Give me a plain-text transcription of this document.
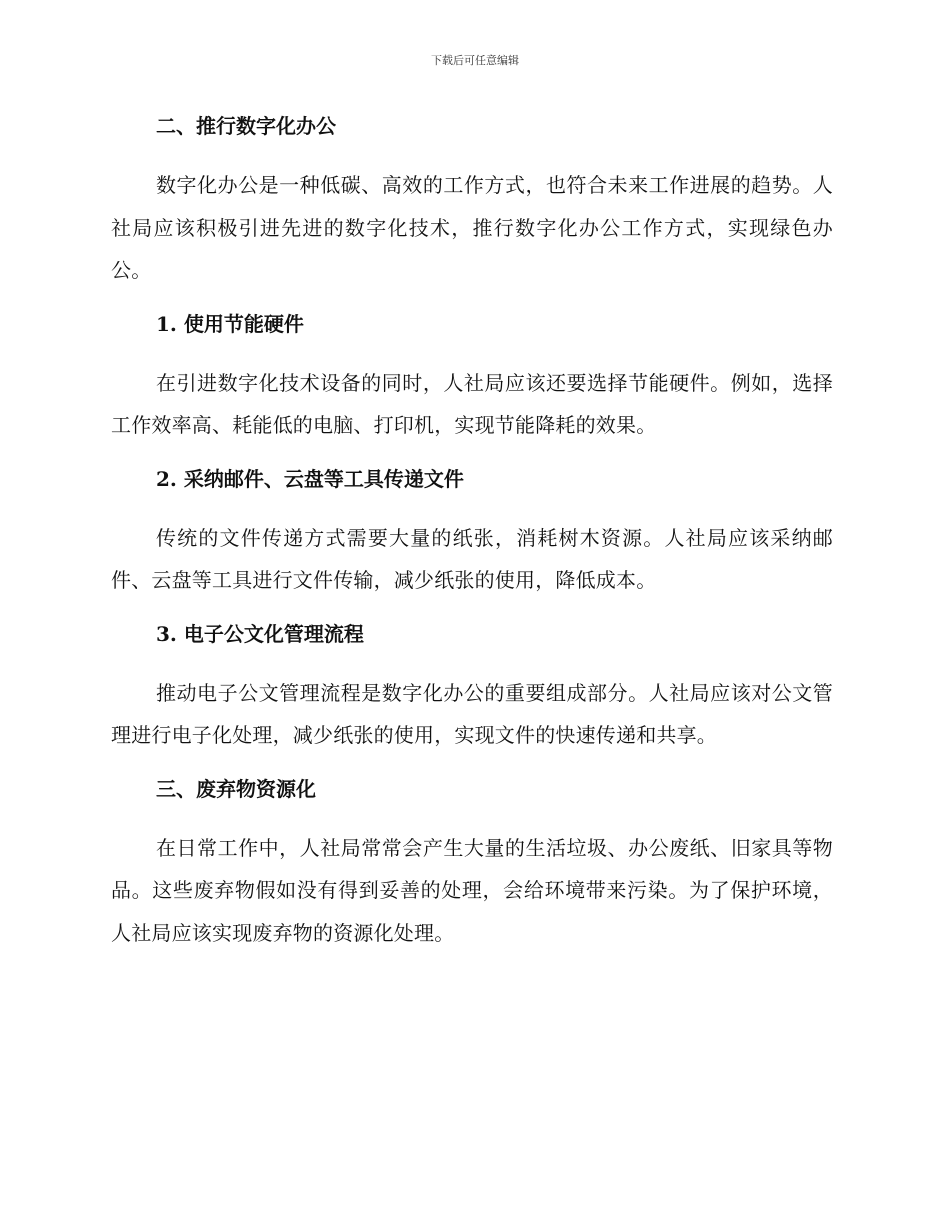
下载后可任意编辑
二、推行数字化办公

数字化办公是一种低碳、高效的工作方式，也符合未来工作进展的趋势。人社局应该积极引进先进的数字化技术，推行数字化办公工作方式，实现绿色办公。

1. 使用节能硬件

在引进数字化技术设备的同时，人社局应该还要选择节能硬件。例如，选择工作效率高、耗能低的电脑、打印机，实现节能降耗的效果。

2. 采纳邮件、云盘等工具传递文件

传统的文件传递方式需要大量的纸张，消耗树木资源。人社局应该采纳邮件、云盘等工具进行文件传输，减少纸张的使用，降低成本。

3. 电子公文化管理流程

推动电子公文管理流程是数字化办公的重要组成部分。人社局应该对公文管理进行电子化处理，减少纸张的使用，实现文件的快速传递和共享。

三、废弃物资源化

在日常工作中，人社局常常会产生大量的生活垃圾、办公废纸、旧家具等物品。这些废弃物假如没有得到妥善的处理，会给环境带来污染。为了保护环境，人社局应该实现废弃物的资源化处理。
